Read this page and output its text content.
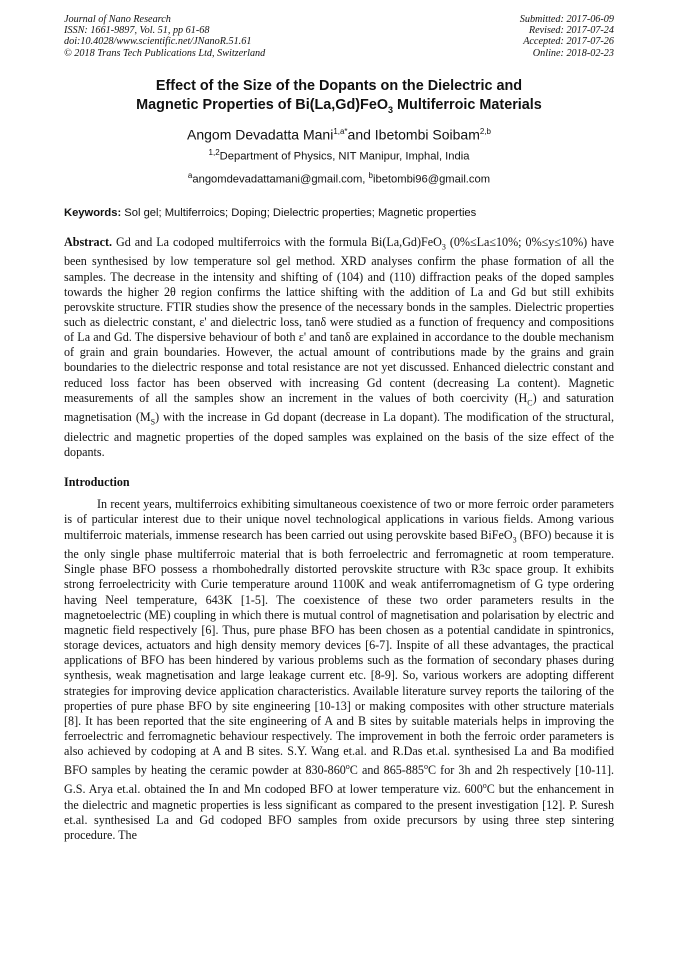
Journal of Nano Research
ISSN: 1661-9897, Vol. 51, pp 61-68
doi:10.4028/www.scientific.net/JNanoR.51.61
© 2018 Trans Tech Publications Ltd, Switzerland
Submitted: 2017-06-09
Revised: 2017-07-24
Accepted: 2017-07-26
Online: 2018-02-23
Effect of the Size of the Dopants on the Dielectric and
Magnetic Properties of Bi(La,Gd)FeO$_3$ Multiferroic Materials
Angom Devadatta Mani$^{1,a*}$and Ibetombi Soibam$^{2,b}$
$^{1,2}$Department of Physics, NIT Manipur, Imphal, India
$^a$angomdevadattamani@gmail.com, $^b$ibetombi96@gmail.com
Keywords: Sol gel; Multiferroics; Doping; Dielectric properties; Magnetic properties
Abstract. Gd and La codoped multiferroics with the formula Bi(La,Gd)FeO$_3$ (0%≤La≤10%; 0%≤y≤10%) have been synthesised by low temperature sol gel method. XRD analyses confirm the phase formation of all the samples. The decrease in the intensity and shifting of (104) and (110) diffraction peaks of the doped samples towards the higher 2θ region confirms the lattice shifting with the addition of La and Gd but still exhibits perovskite structure. FTIR studies show the presence of the necessary bonds in the samples. Dielectric properties such as dielectric constant, ε' and dielectric loss, tanδ were studied as a function of frequency and compositions of La and Gd. The dispersive behaviour of both ε' and tanδ are explained in accordance to the double mechanism of grain and grain boundaries. However, the actual amount of contributions made by the grains and grain boundaries to the dielectric response and total resistance are not yet discussed. Enhanced dielectric constant and reduced loss factor has been observed with increasing Gd content (decreasing La content). Magnetic measurements of all the samples show an increment in the values of both coercivity $(H_C)$ and saturation magnetisation $(M_S)$ with the increase in Gd dopant (decrease in La dopant). The modification of the structural, dielectric and magnetic properties of the doped samples was explained on the basis of the size effect of the dopants.
Introduction
In recent years, multiferroics exhibiting simultaneous coexistence of two or more ferroic order parameters is of particular interest due to their unique novel technological applications in various fields. Among various multiferroic materials, immense research has been carried out using perovskite based BiFeO$_3$ (BFO) because it is the only single phase multiferroic material that is both ferroelectric and ferromagnetic at room temperature. Single phase BFO possess a rhombohedrally distorted perovskite structure with R3c space group. It exhibits strong ferroelectricity with Curie temperature around 1100K and weak antiferromagnetism of G type ordering having Neel temperature, 643K [1-5]. The coexistence of these two order parameters results in the magnetoelectric (ME) coupling in which there is mutual control of magnetisation and polarisation by electric and magnetic field respectively [6]. Thus, pure phase BFO has been chosen as a potential candidate in spintronics, storage devices, actuators and high density memory devices [6-7]. Inspite of all these advantages, the practical applications of BFO has been hindered by various problems such as the formation of secondary phases during synthesis, weak magnetisation and large leakage current etc. [8-9]. So, various workers are adopting different strategies for improving device application characteristics. Available literature survey reports the tailoring of the properties of pure phase BFO by site engineering [10-13] or making composites with other structure materials [8]. It has been reported that the site engineering of A and B sites by suitable materials helps in improving the ferroelectric and ferromagnetic behaviour respectively. The improvement in both the ferroic order parameters is also achieved by codoping at A and B sites. S.Y. Wang et.al. and R.Das et.al. synthesised La and Ba modified BFO samples by heating the ceramic powder at 830-860$^o$C and 865-885$^o$C for 3h and 2h respectively [10-11]. G.S. Arya et.al. obtained the In and Mn codoped BFO at lower temperature viz. 600$^o$C but the enhancement in the dielectric and magnetic properties is less significant as compared to the present investigation [12]. P. Suresh et.al. synthesised La and Gd codoped BFO samples from oxide precursors by using three step sintering procedure. The
